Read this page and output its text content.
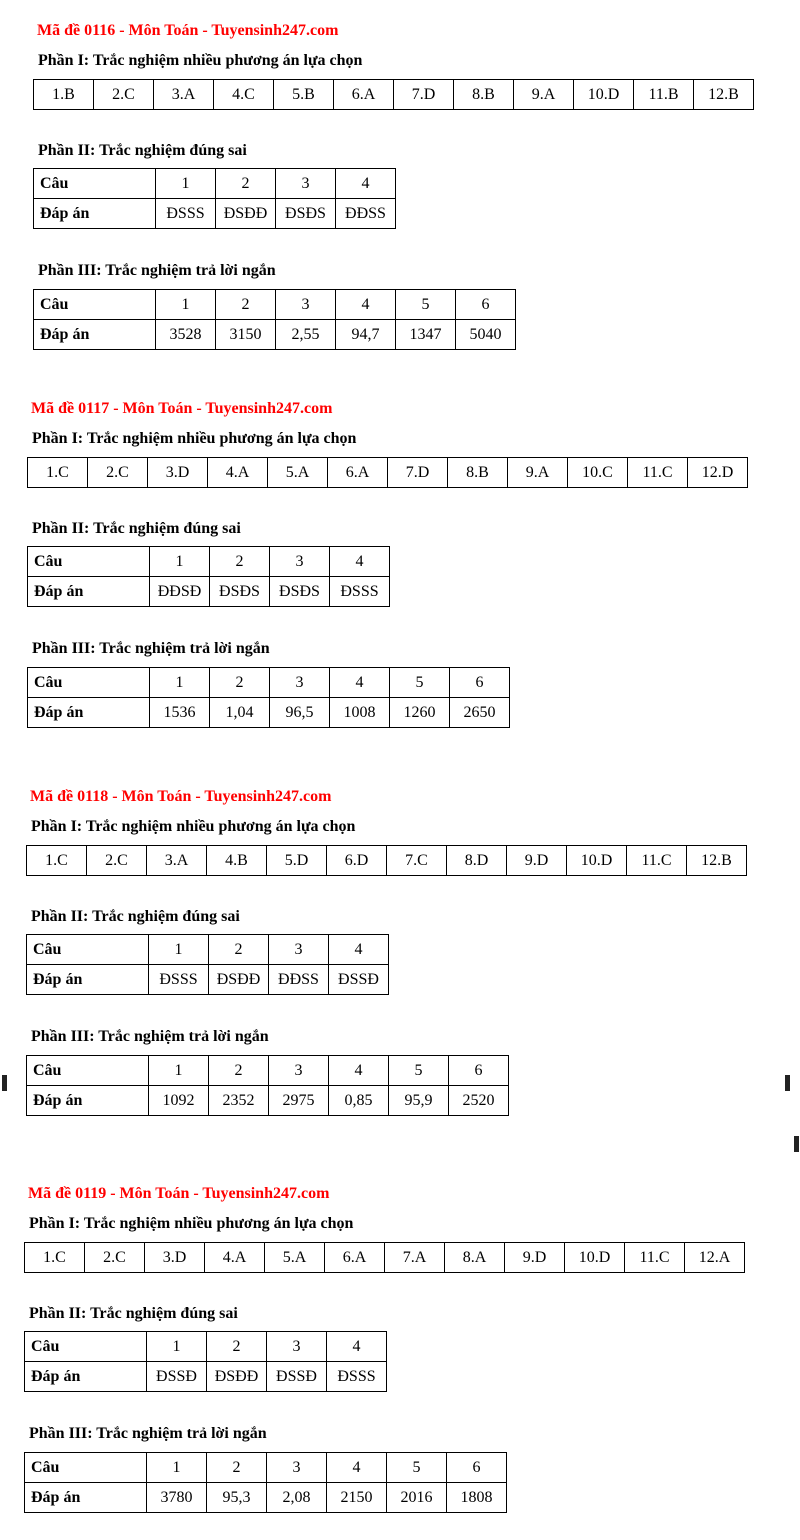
Mã đề 0116 - Môn Toán - Tuyensinh247.com
Phần I: Trắc nghiệm nhiều phương án lựa chọn
1.B	2.C	3.A	4.C	5.B	6.A	7.D	8.B	9.A	10.D	11.B	12.B
Phần II: Trắc nghiệm đúng sai
Câu	1	2	3	4
Đáp án	ĐSSS	ĐSĐĐ	ĐSĐS	ĐĐSS
Phần III: Trắc nghiệm trả lời ngắn
Câu	1	2	3	4	5	6
Đáp án	3528	3150	2,55	94,7	1347	5040
Mã đề 0117 - Môn Toán - Tuyensinh247.com
Phần I: Trắc nghiệm nhiều phương án lựa chọn
1.C	2.C	3.D	4.A	5.A	6.A	7.D	8.B	9.A	10.C	11.C	12.D
Phần II: Trắc nghiệm đúng sai
Câu	1	2	3	4
Đáp án	ĐĐSĐ	ĐSĐS	ĐSĐS	ĐSSS
Phần III: Trắc nghiệm trả lời ngắn
Câu	1	2	3	4	5	6
Đáp án	1536	1,04	96,5	1008	1260	2650
Mã đề 0118 - Môn Toán - Tuyensinh247.com
Phần I: Trắc nghiệm nhiều phương án lựa chọn
1.C	2.C	3.A	4.B	5.D	6.D	7.C	8.D	9.D	10.D	11.C	12.B
Phần II: Trắc nghiệm đúng sai
Câu	1	2	3	4
Đáp án	ĐSSS	ĐSĐĐ	ĐĐSS	ĐSSĐ
Phần III: Trắc nghiệm trả lời ngắn
Câu	1	2	3	4	5	6
Đáp án	1092	2352	2975	0,85	95,9	2520
Mã đề 0119 - Môn Toán - Tuyensinh247.com
Phần I: Trắc nghiệm nhiều phương án lựa chọn
1.C	2.C	3.D	4.A	5.A	6.A	7.A	8.A	9.D	10.D	11.C	12.A
Phần II: Trắc nghiệm đúng sai
Câu	1	2	3	4
Đáp án	ĐSSĐ	ĐSĐĐ	ĐSSĐ	ĐSSS
Phần III: Trắc nghiệm trả lời ngắn
Câu	1	2	3	4	5	6
Đáp án	3780	95,3	2,08	2150	2016	1808
